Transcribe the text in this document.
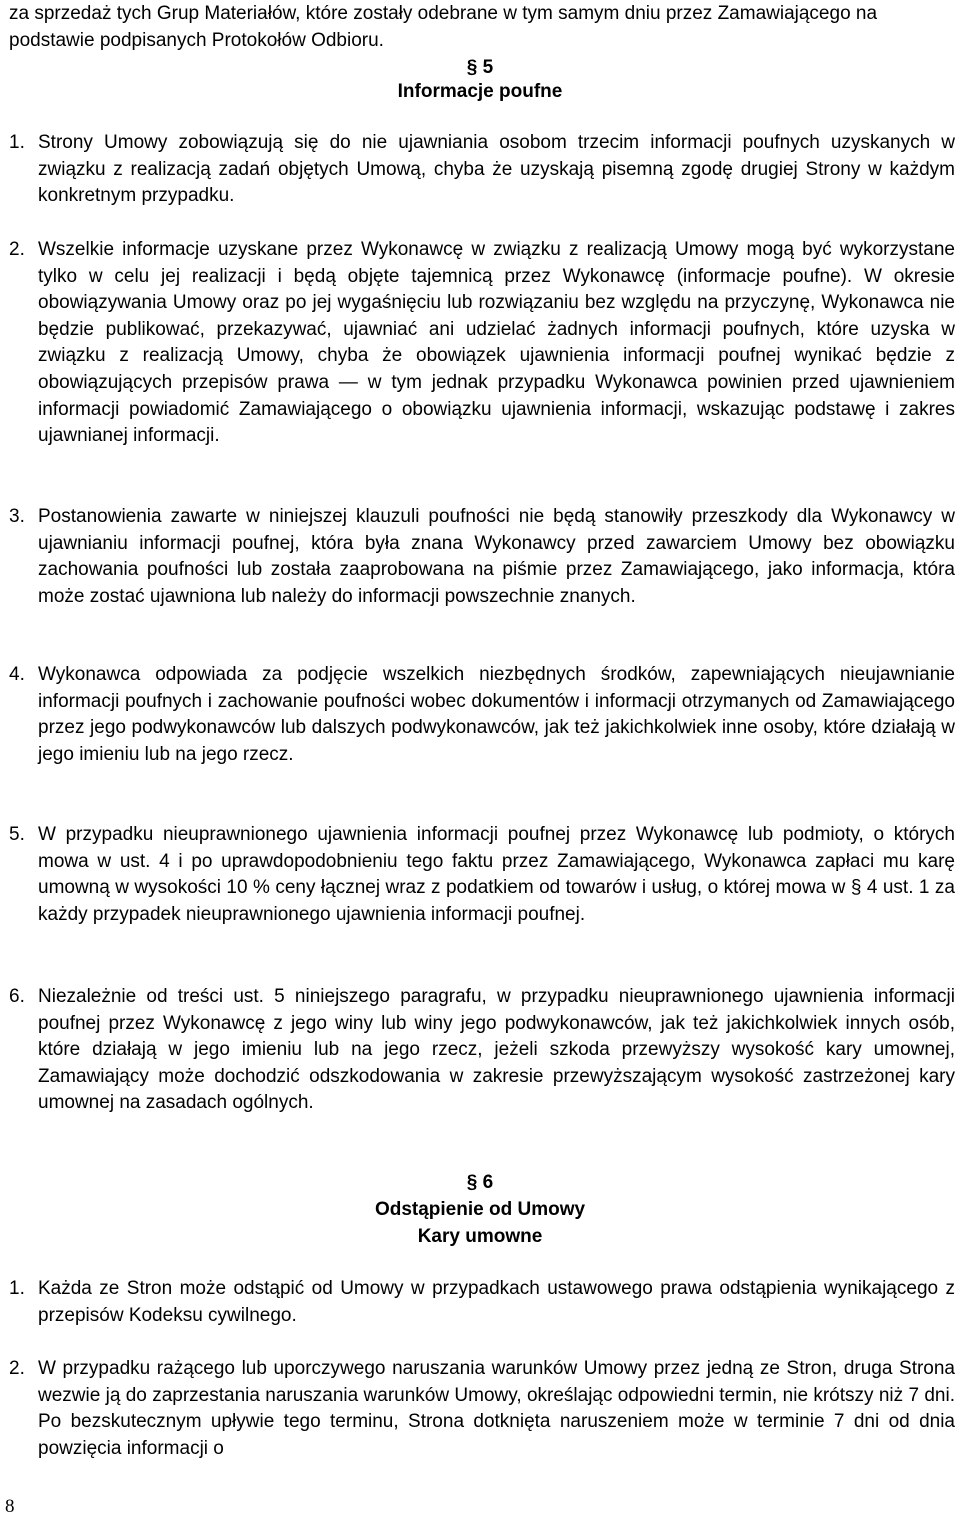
za sprzedaż tych Grup Materiałów, które zostały odebrane w tym samym dniu przez Zamawiającego na podstawie podpisanych Protokołów Odbioru.
§ 5
Informacje poufne
1. Strony Umowy zobowiązują się do nie ujawniania osobom trzecim informacji poufnych uzyskanych w związku z realizacją zadań objętych Umową, chyba że uzyskają pisemną zgodę drugiej Strony w każdym konkretnym przypadku.
2. Wszelkie informacje uzyskane przez Wykonawcę w związku z realizacją Umowy mogą być wykorzystane tylko w celu jej realizacji i będą objęte tajemnicą przez Wykonawcę (informacje poufne). W okresie obowiązywania Umowy oraz po jej wygaśnięciu lub rozwiązaniu bez względu na przyczynę, Wykonawca nie będzie publikować, przekazywać, ujawniać ani udzielać żadnych informacji poufnych, które uzyska w związku z realizacją Umowy, chyba że obowiązek ujawnienia informacji poufnej wynikać będzie z obowiązujących przepisów prawa — w tym jednak przypadku Wykonawca powinien przed ujawnieniem informacji powiadomić Zamawiającego o obowiązku ujawnienia informacji, wskazując podstawę i zakres ujawnianej informacji.
3. Postanowienia zawarte w niniejszej klauzuli poufności nie będą stanowiły przeszkody dla Wykonawcy w ujawnianiu informacji poufnej, która była znana Wykonawcy przed zawarciem Umowy bez obowiązku zachowania poufności lub została zaaprobowana na piśmie przez Zamawiającego, jako informacja, która może zostać ujawniona lub należy do informacji powszechnie znanych.
4. Wykonawca odpowiada za podjęcie wszelkich niezbędnych środków, zapewniających nieujawnianie informacji poufnych i zachowanie poufności wobec dokumentów i informacji otrzymanych od Zamawiającego przez jego podwykonawców lub dalszych podwykonawców, jak też jakichkolwiek inne osoby, które działają w jego imieniu lub na jego rzecz.
5. W przypadku nieuprawnionego ujawnienia informacji poufnej przez Wykonawcę lub podmioty, o których mowa w ust. 4 i po uprawdopodobnieniu tego faktu przez Zamawiającego, Wykonawca zapłaci mu karę umowną w wysokości 10 % ceny łącznej wraz z podatkiem od towarów i usług, o której mowa w § 4 ust. 1 za każdy przypadek nieuprawnionego ujawnienia informacji poufnej.
6. Niezależnie od treści ust. 5 niniejszego paragrafu, w przypadku nieuprawnionego ujawnienia informacji poufnej przez Wykonawcę z jego winy lub winy jego podwykonawców, jak też jakichkolwiek innych osób, które działają w jego imieniu lub na jego rzecz, jeżeli szkoda przewyższy wysokość kary umownej, Zamawiający może dochodzić odszkodowania w zakresie przewyższającym wysokość zastrzeżonej kary umownej na zasadach ogólnych.
§ 6
Odstąpienie od Umowy
Kary umowne
1. Każda ze Stron może odstąpić od Umowy w przypadkach ustawowego prawa odstąpienia wynikającego z przepisów Kodeksu cywilnego.
2. W przypadku rażącego lub uporczywego naruszania warunków Umowy przez jedną ze Stron, druga Strona wezwie ją do zaprzestania naruszania warunków Umowy, określając odpowiedni termin, nie krótszy niż 7 dni. Po bezskutecznym upływie tego terminu, Strona dotknięta naruszeniem może w terminie 7 dni od dnia powzięcia informacji o
8
